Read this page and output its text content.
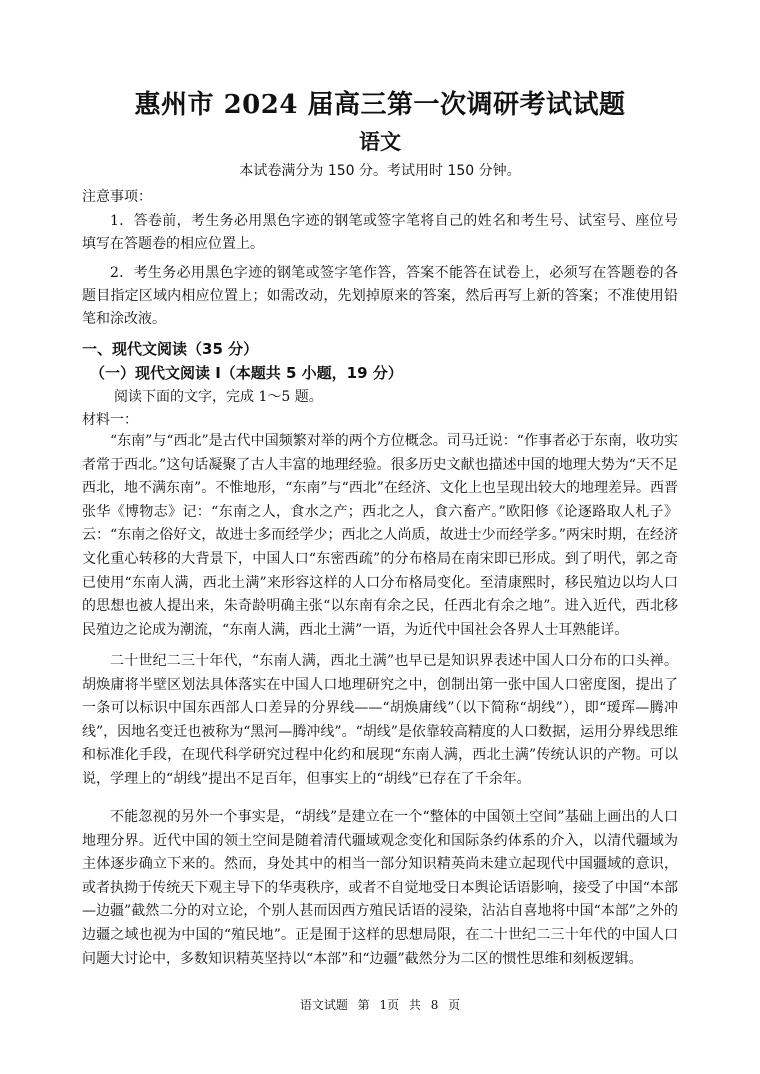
惠州市 2024 届高三第一次调研考试试题
语文
本试卷满分为 150 分。考试用时 150 分钟。
注意事项：

1．答卷前，考生务必用黑色字迹的钢笔或签字笔将自己的姓名和考生号、试室号、座位号填写在答题卷的相应位置上。

2．考生务必用黑色字迹的钢笔或签字笔作答，答案不能答在试卷上，必须写在答题卷的各题目指定区域内相应位置上；如需改动，先划掉原来的答案，然后再写上新的答案；不准使用铅笔和涂改液。

一、现代文阅读（35 分）
（一）现代文阅读 I（本题共 5 小题，19 分）
阅读下面的文字，完成 1～5 题。
材料一：

“东南”与“西北”是古代中国频繁对举的两个方位概念。司马迁说：“作事者必于东南，收功实者常于西北。”这句话凝聚了古人丰富的地理经验。很多历史文献也描述中国的地理大势为“天不足西北，地不满东南”。不惟地形，“东南”与“西北”在经济、文化上也呈现出较大的地理差异。西晋张华《博物志》记：“东南之人，食水之产；西北之人，食六畜产。”欧阳修《论逐路取人札子》云：“东南之俗好文，故进士多而经学少；西北之人尚质，故进士少而经学多。”两宋时期，在经济文化重心转移的大背景下，中国人口“东密西疏”的分布格局在南宋即已形成。到了明代，郭之奇已使用“东南人满，西北土满”来形容这样的人口分布格局变化。至清康熙时，移民殖边以均人口的思想也被人提出来，朱奇龄明确主张“以东南有余之民，任西北有余之地”。进入近代，西北移民殖边之论成为潮流，“东南人满，西北土满”一语，为近代中国社会各界人士耳熟能详。

二十世纪二三十年代，“东南人满，西北土满”也早已是知识界表述中国人口分布的口头禅。胡焕庸将半壁区划法具体落实在中国人口地理研究之中，创制出第一张中国人口密度图，提出了一条可以标识中国东西部人口差异的分界线——“胡焕庸线”（以下简称“胡线”），即“瑷珲—腾冲线”，因地名变迁也被称为“黑河—腾冲线”。“胡线”是依靠较高精度的人口数据，运用分界线思维和标准化手段，在现代科学研究过程中化约和展现“东南人满，西北土满”传统认识的产物。可以说，学理上的“胡线”提出不足百年，但事实上的“胡线”已存在了千余年。

不能忽视的另外一个事实是，“胡线”是建立在一个“整体的中国领土空间”基础上画出的人口地理分界。近代中国的领土空间是随着清代疆域观念变化和国际条约体系的介入，以清代疆域为主体逐步确立下来的。然而，身处其中的相当一部分知识精英尚未建立起现代中国疆域的意识，或者执拗于传统天下观主导下的华夷秩序，或者不自觉地受日本舆论话语影响，接受了中国“本部—边疆”截然二分的对立论，个别人甚而因西方殖民话语的浸染，沾沾自喜地将中国“本部”之外的边疆之域也视为中国的“殖民地”。正是囿于这样的思想局限，在二十世纪二三十年代的中国人口问题大讨论中，多数知识精英坚持以“本部”和“边疆”截然分为二区的惯性思维和刻板逻辑。

语文试题 第 1页 共 8 页
